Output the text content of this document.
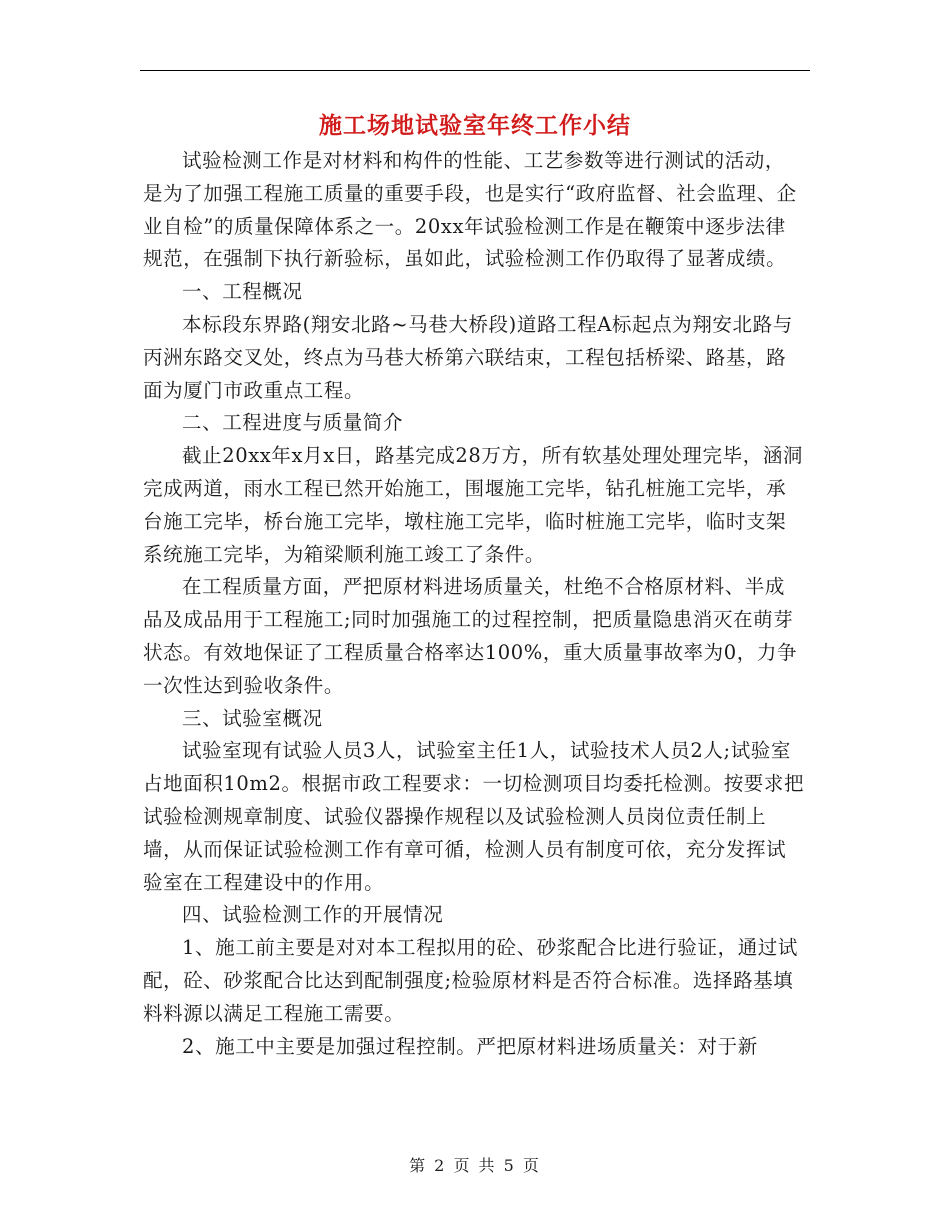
施工场地试验室年终工作小结

试验检测工作是对材料和构件的性能、工艺参数等进行测试的活动，是为了加强工程施工质量的重要手段，也是实行“政府监督、社会监理、企业自检”的质量保障体系之一。20xx年试验检测工作是在鞭策中逐步法律规范，在强制下执行新验标，虽如此，试验检测工作仍取得了显著成绩。

一、工程概况

本标段东界路(翔安北路~马巷大桥段)道路工程A标起点为翔安北路与丙洲东路交叉处，终点为马巷大桥第六联结束，工程包括桥梁、路基，路面为厦门市政重点工程。

二、工程进度与质量简介

截止20xx年x月x日，路基完成28万方，所有软基处理处理完毕，涵洞完成两道，雨水工程已然开始施工，围堰施工完毕，钻孔桩施工完毕，承台施工完毕，桥台施工完毕，墩柱施工完毕，临时桩施工完毕，临时支架系统施工完毕，为箱梁顺利施工竣工了条件。

在工程质量方面，严把原材料进场质量关，杜绝不合格原材料、半成品及成品用于工程施工;同时加强施工的过程控制，把质量隐患消灭在萌芽状态。有效地保证了工程质量合格率达100%，重大质量事故率为0，力争一次性达到验收条件。

三、试验室概况

试验室现有试验人员3人，试验室主任1人，试验技术人员2人;试验室占地面积10m2。根据市政工程要求：一切检测项目均委托检测。按要求把试验检测规章制度、试验仪器操作规程以及试验检测人员岗位责任制上墙，从而保证试验检测工作有章可循，检测人员有制度可依，充分发挥试验室在工程建设中的作用。

四、试验检测工作的开展情况

1、施工前主要是对对本工程拟用的砼、砂浆配合比进行验证，通过试配，砼、砂浆配合比达到配制强度;检验原材料是否符合标准。选择路基填料料源以满足工程施工需要。

2、施工中主要是加强过程控制。严把原材料进场质量关：对于新

第 2 页 共 5 页
